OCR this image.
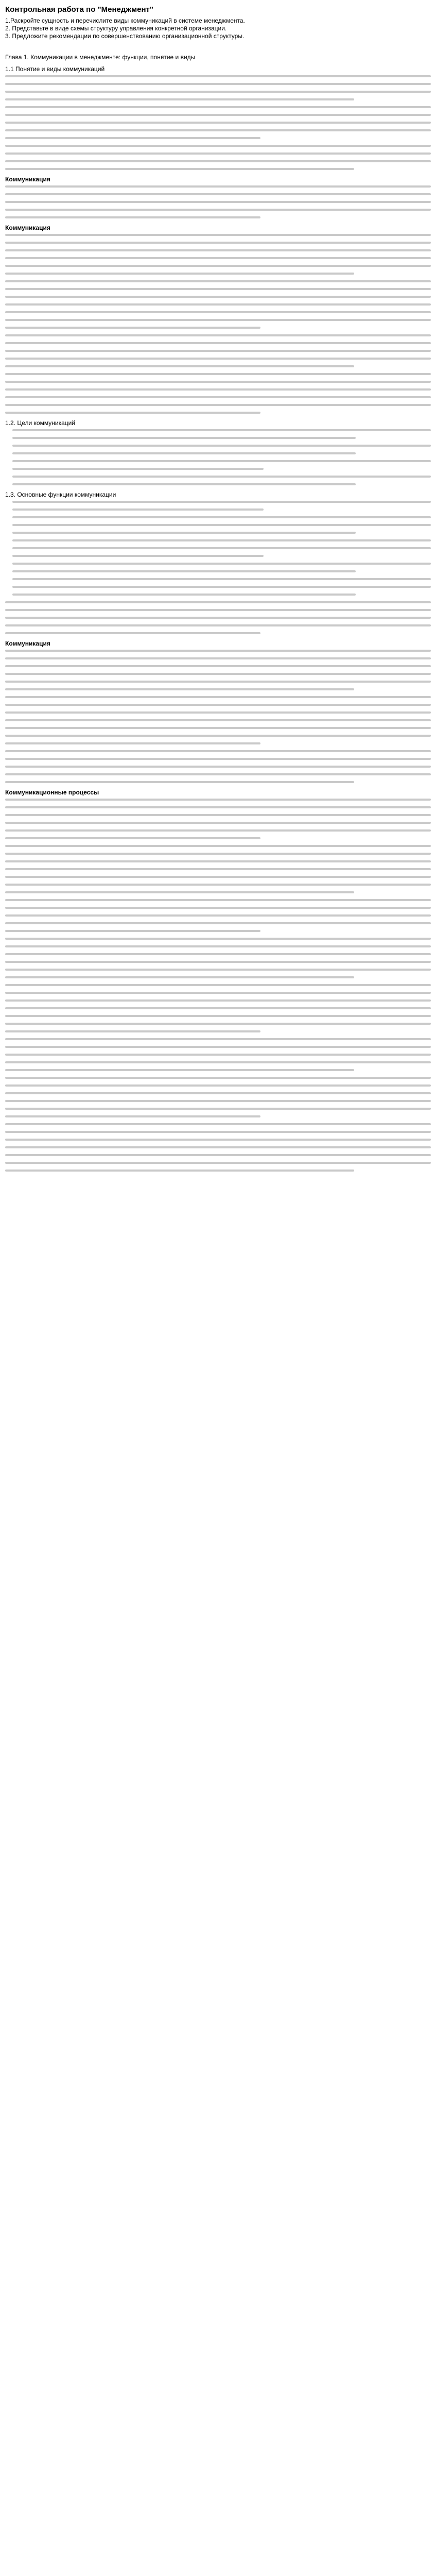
Контрольная работа по "Менеджмент"

1.Раскройте сущность и перечислите виды коммуникаций в системе менеджмента.

2. Представьте в виде схемы структуру управления конкретной организации.

3. Предложите рекомендации по совершенствованию организационной структуры.

Глава 1. Коммуникации в менеджменте: функции, понятие и виды

1.1 Понятие и виды коммуникаций

Коммуникация

Коммуникация

1.2. Цели коммуникаций

1.3. Основные функции коммуникации

Коммуникация

Коммуникационные процессы
